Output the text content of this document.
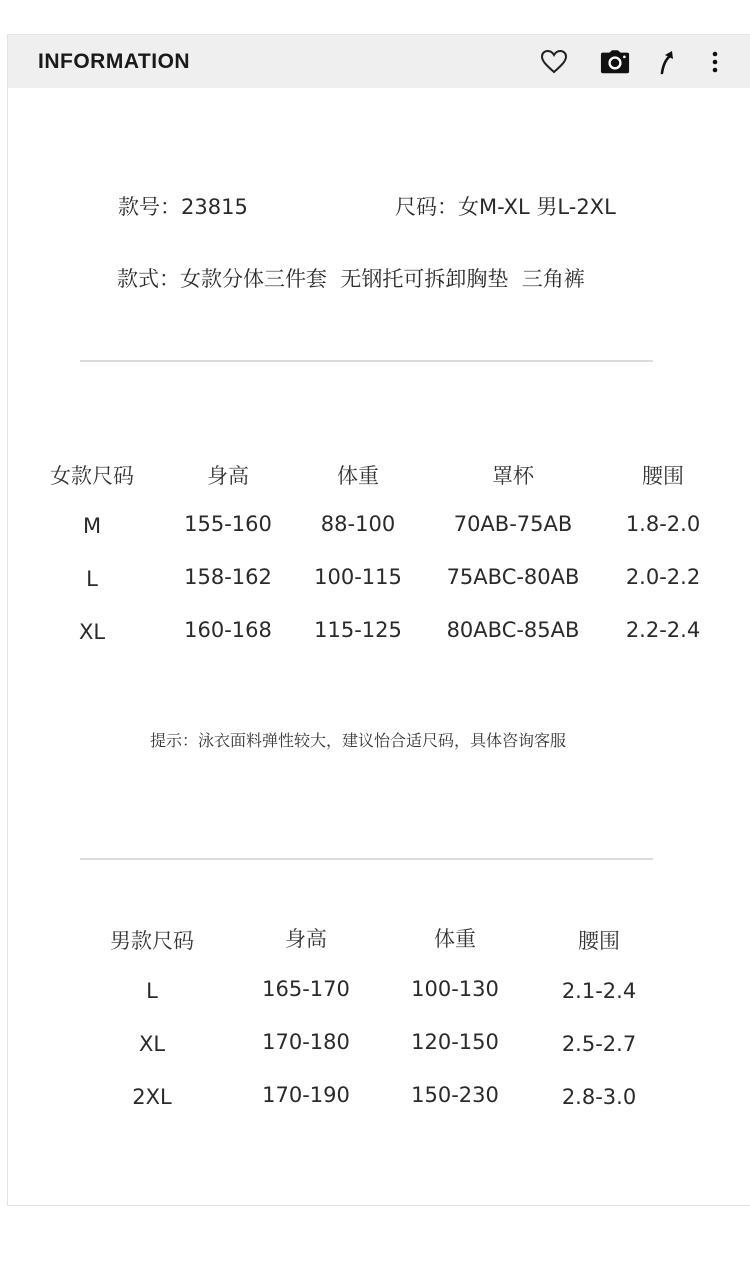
INFORMATION
款号：23815	尺码：女M-XL 男L-2XL
款式：女款分体三件套  无钢托可拆卸胸垫  三角裤
女款尺码	身高	体重	罩杯	腰围
M	155-160 88-100	70AB-75AB	1.8-2.0
L	158-162 100-115 75ABC-80AB 2.0-2.2
XL	160-168 115-125 80ABC-85AB 2.2-2.4
提示：泳衣面料弹性较大，建议怡合适尺码，具体咨询客服
男款尺码	身高	体重	腰围
L	165-170	100-130	2.1-2.4
XL	170-180	120-150	2.5-2.7
2XL	170-190	150-230	2.8-3.0
